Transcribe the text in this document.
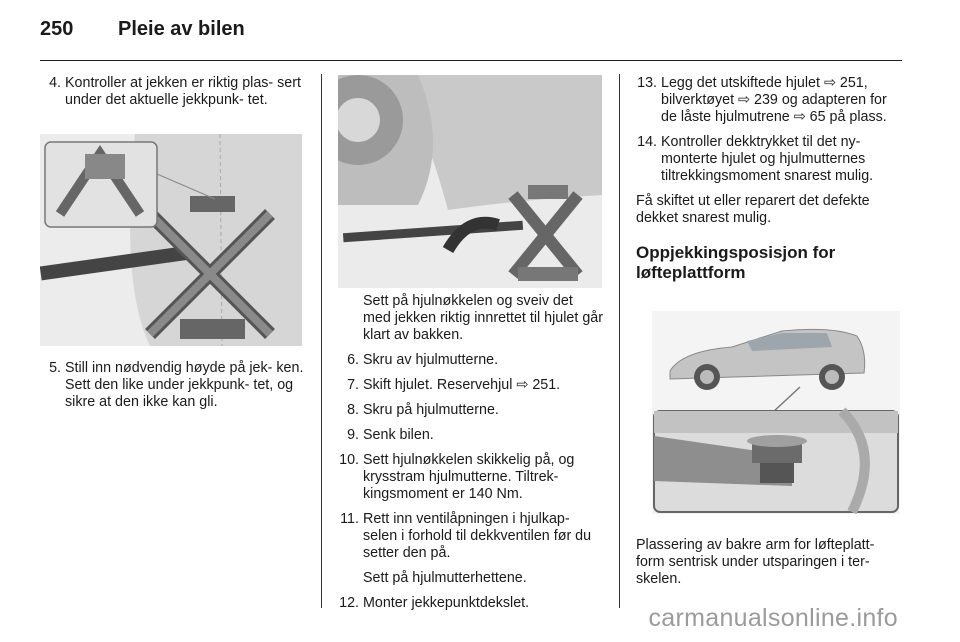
250 Pleie av bilen
4. Kontroller at jekken er riktig plas- sert under det aktuelle jekkpunk- tet.
5. Still inn nødvendig høyde på jek- ken. Sett den like under jekkpunk- tet, og sikre at den ikke kan gli.

Sett på hjulnøkkelen og sveiv det med jekken riktig innrettet til hjulet går klart av bakken.

6. Skru av hjulmutterne.
7. Skift hjulet. Reservehjul ⇨ 251.
8. Skru på hjulmutterne.
9. Senk bilen.
10. Sett hjulnøkkelen skikkelig på, og krysstram hjulmutterne. Tiltrek- kingsmoment er 140 Nm.
11. Rett inn ventilåpningen i hjulkap- selen i forhold til dekkventilen før du setter den på.

Sett på hjulmutterhettene.

12. Monter jekkepunktdekslet.
13. Legg det utskiftede hjulet ⇨ 251, bilverktøyet ⇨ 239 og adapteren for de låste hjulmutrene ⇨ 65 på plass.
14. Kontroller dekktrykket til det ny- monterte hjulet og hjulmutternes tiltrekkingsmoment snarest mulig.

Få skiftet ut eller reparert det defekte dekket snarest mulig.

Oppjekkingsposisjon for løfteplattform

Plassering av bakre arm for løfteplatt- form sentrisk under utsparingen i ter- skelen.

carmanualsonline.info
